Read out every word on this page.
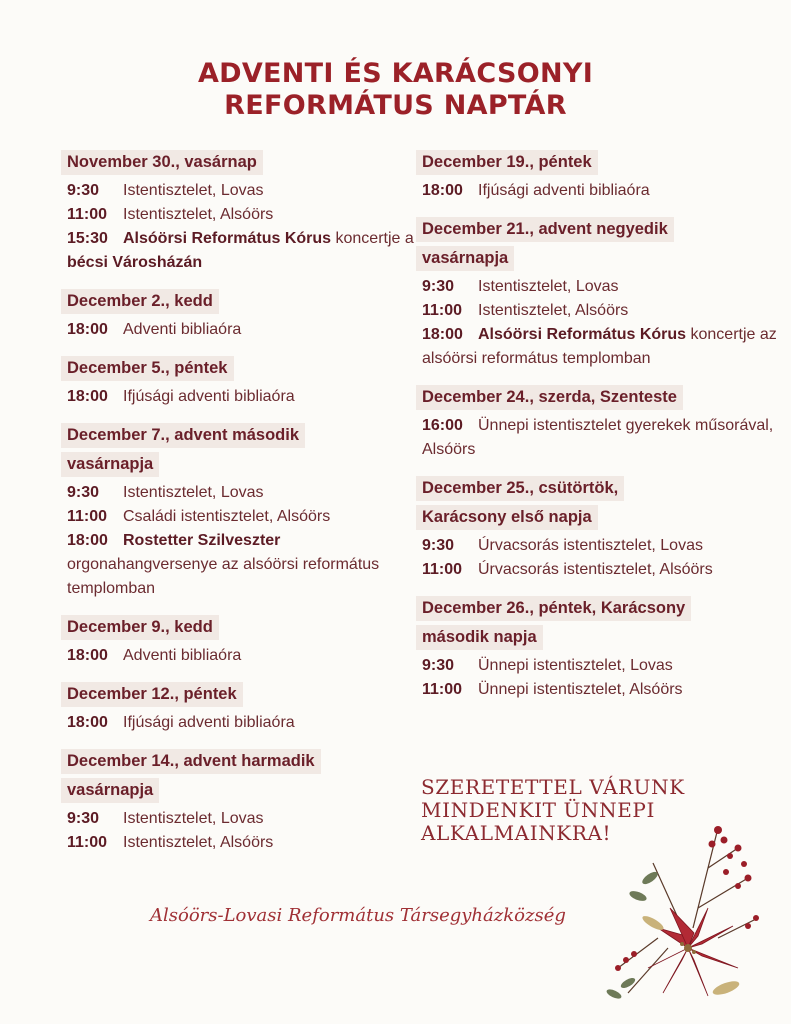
ADVENTI ÉS KARÁCSONYI
REFORMÁTUS NAPTÁR
November 30., vasárnap

9:30 Istentisztelet, Lovas
11:00 Istentisztelet, Alsóörs
15:30 Alsóörsi Református Kórus koncertje a bécsi Városházán
December 2., kedd

18:00 Adventi bibliaóra
December 5., péntek

18:00 Ifjúsági adventi bibliaóra
December 7., advent második
vasárnapja

9:30 Istentisztelet, Lovas
11:00 Családi istentisztelet, Alsóörs
18:00 Rostetter Szilveszter orgonahangversenye az alsóörsi református templomban
December 9., kedd

18:00 Adventi bibliaóra
December 12., péntek

18:00 Ifjúsági adventi bibliaóra
December 14., advent harmadik
vasárnapja

9:30 Istentisztelet, Lovas
11:00 Istentisztelet, Alsóörs
December 19., péntek

18:00 Ifjúsági adventi bibliaóra
December 21., advent negyedik
vasárnapja

9:30 Istentisztelet, Lovas
11:00 Istentisztelet, Alsóörs
18:00 Alsóörsi Református Kórus koncertje az alsóörsi református templomban
December 24., szerda, Szenteste

16:00 Ünnepi istentisztelet gyerekek műsorával, Alsóörs
December 25., csütörtök,
Karácsony első napja

9:30 Úrvacsorás istentisztelet, Lovas
11:00 Úrvacsorás istentisztelet, Alsóörs
December 26., péntek, Karácsony
második napja

9:30 Ünnepi istentisztelet, Lovas
11:00 Ünnepi istentisztelet, Alsóörs
SZERETETTEL VÁRUNK
MINDENKIT ÜNNEPI
ALKALMAINKRA!
Alsóörs-Lovasi Református Társegyházközség
